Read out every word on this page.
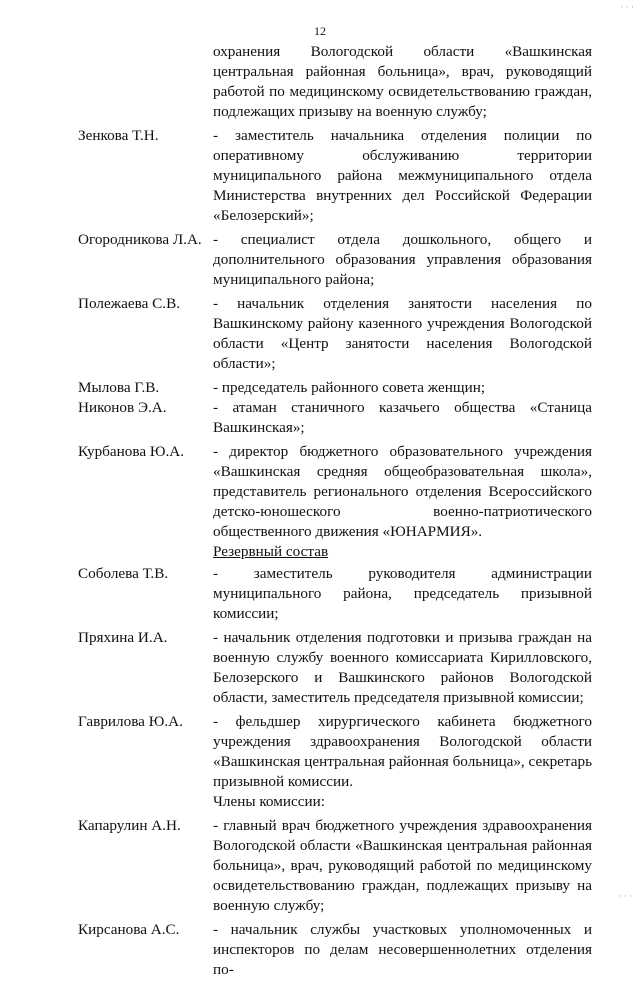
· · ·
12
охранения Вологодской области «Вашкинская центральная районная больница», врач, руководящий работой по медицинскому освидетельствованию граждан, подлежащих призыву на военную службу;
Зенкова Т.Н.	- заместитель начальника отделения полиции по оперативному обслуживанию территории муниципального района межмуниципального отдела Министерства внутренних дел Российской Федерации «Белозерский»;
Огородникова Л.А. - специалист отдела дошкольного, общего и дополнительного образования управления образования муниципального района;
Полежаева С.В.	- начальник отделения занятости населения по Вашкинскому району казенного учреждения Вологодской области «Центр занятости населения Вологодской области»;
Мылова Г.В.	- председатель районного совета женщин;
Никонов Э.А.	- атаман станичного казачьего общества «Станица Вашкинская»;
Курбанова Ю.А.	- директор бюджетного образовательного учреждения «Вашкинская средняя общеобразовательная школа», представитель регионального отделения Всероссийского детско-юношеского военно-патриотического общественного движения «ЮНАРМИЯ».
Резервный состав
Соболева Т.В.	- заместитель руководителя администрации муниципального района, председатель призывной комиссии;
Пряхина И.А.	- начальник отделения подготовки и призыва граждан на военную службу военного комиссариата Кирилловского, Белозерского и Вашкинского районов Вологодской области, заместитель председателя призывной комиссии;
Гаврилова Ю.А.	- фельдшер хирургического кабинета бюджетного учреждения здравоохранения Вологодской области «Вашкинская центральная районная больница», секретарь призывной комиссии.
Члены комиссии:
Капарулин А.Н.	- главный врач бюджетного учреждения здравоохранения Вологодской области «Вашкинская центральная районная больница», врач, руководящий работой по медицинскому освидетельствованию граждан, подлежащих призыву на военную службу;
Кирсанова А.С.	- начальник службы участковых уполномоченных и инспекторов по делам несовершеннолетних отделения по-
· · ·
